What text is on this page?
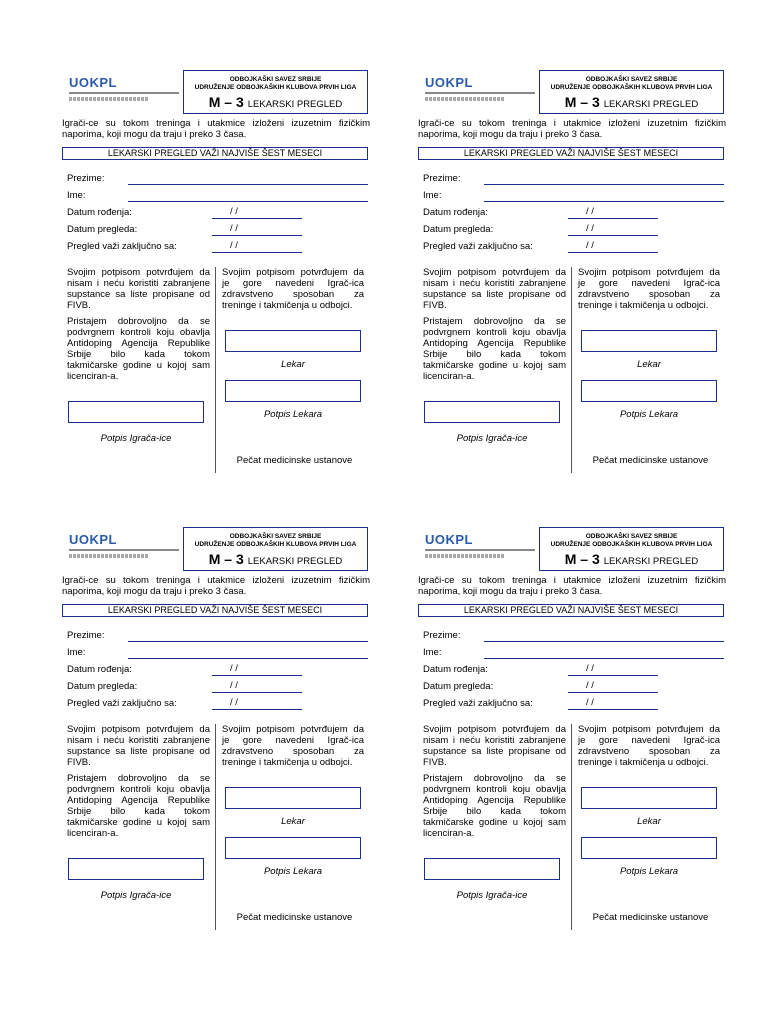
UOKPL	ODBOJKAŠKI SAVEZ SRBIJE
UDRUŽENJE ODBOJKAŠKIH KLUBOVA PRVIH LIGA
M – 3 LEKARSKI PREGLED
Igrači-ce su tokom treninga i utakmice izloženi izuzetnim fizičkim naporima, koji mogu da traju i preko 3 časa.
LEKARSKI PREGLED VAŽI NAJVIŠE ŠEST MESECI
Prezime:
Ime:
Datum rođenja:	/ /
Datum pregleda:	/ /
Pregled važi zaključno sa:	/ /

Svojim potpisom potvrđujem da nisam i neću koristiti zabranjene supstance sa liste propisane od FIVB.

Pristajem dobrovoljno da se podvrgnem kontroli koju obavlja Antidoping Agencija Republike Srbije bilo kada tokom takmičarske godine u kojoj sam licenciran-a.

Svojim potpisom potvrđujem da je gore navedeni Igrač-ica zdravstveno sposoban za treninge i takmičenja u odbojci.
Lekar
Potpis Lekara
Potpis Igrača-ice
Pečat medicinske ustanove
UOKPL	ODBOJKAŠKI SAVEZ SRBIJE
UDRUŽENJE ODBOJKAŠKIH KLUBOVA PRVIH LIGA
M – 3 LEKARSKI PREGLED
Igrači-ce su tokom treninga i utakmice izloženi izuzetnim fizičkim naporima, koji mogu da traju i preko 3 časa.
LEKARSKI PREGLED VAŽI NAJVIŠE ŠEST MESECI
Prezime:
Ime:
Datum rođenja:	/ /
Datum pregleda:	/ /
Pregled važi zaključno sa:	/ /

Svojim potpisom potvrđujem da nisam i neću koristiti zabranjene supstance sa liste propisane od FIVB.

Pristajem dobrovoljno da se podvrgnem kontroli koju obavlja Antidoping Agencija Republike Srbije bilo kada tokom takmičarske godine u kojoj sam licenciran-a.

Svojim potpisom potvrđujem da je gore navedeni Igrač-ica zdravstveno sposoban za treninge i takmičenja u odbojci.
Lekar
Potpis Lekara
Potpis Igrača-ice
Pečat medicinske ustanove
UOKPL	ODBOJKAŠKI SAVEZ SRBIJE
UDRUŽENJE ODBOJKAŠKIH KLUBOVA PRVIH LIGA
M – 3 LEKARSKI PREGLED
Igrači-ce su tokom treninga i utakmice izloženi izuzetnim fizičkim naporima, koji mogu da traju i preko 3 časa.
LEKARSKI PREGLED VAŽI NAJVIŠE ŠEST MESECI
Prezime:
Ime:
Datum rođenja:	/ /
Datum pregleda:	/ /
Pregled važi zaključno sa:	/ /

Svojim potpisom potvrđujem da nisam i neću koristiti zabranjene supstance sa liste propisane od FIVB.

Pristajem dobrovoljno da se podvrgnem kontroli koju obavlja Antidoping Agencija Republike Srbije bilo kada tokom takmičarske godine u kojoj sam licenciran-a.

Svojim potpisom potvrđujem da je gore navedeni Igrač-ica zdravstveno sposoban za treninge i takmičenja u odbojci.
Lekar
Potpis Lekara
Potpis Igrača-ice
Pečat medicinske ustanove
UOKPL	ODBOJKAŠKI SAVEZ SRBIJE
UDRUŽENJE ODBOJKAŠKIH KLUBOVA PRVIH LIGA
M – 3 LEKARSKI PREGLED
Igrači-ce su tokom treninga i utakmice izloženi izuzetnim fizičkim naporima, koji mogu da traju i preko 3 časa.
LEKARSKI PREGLED VAŽI NAJVIŠE ŠEST MESECI
Prezime:
Ime:
Datum rođenja:	/ /
Datum pregleda:	/ /
Pregled važi zaključno sa:	/ /

Svojim potpisom potvrđujem da nisam i neću koristiti zabranjene supstance sa liste propisane od FIVB.

Pristajem dobrovoljno da se podvrgnem kontroli koju obavlja Antidoping Agencija Republike Srbije bilo kada tokom takmičarske godine u kojoj sam licenciran-a.

Svojim potpisom potvrđujem da je gore navedeni Igrač-ica zdravstveno sposoban za treninge i takmičenja u odbojci.
Lekar
Potpis Lekara
Potpis Igrača-ice
Pečat medicinske ustanove
